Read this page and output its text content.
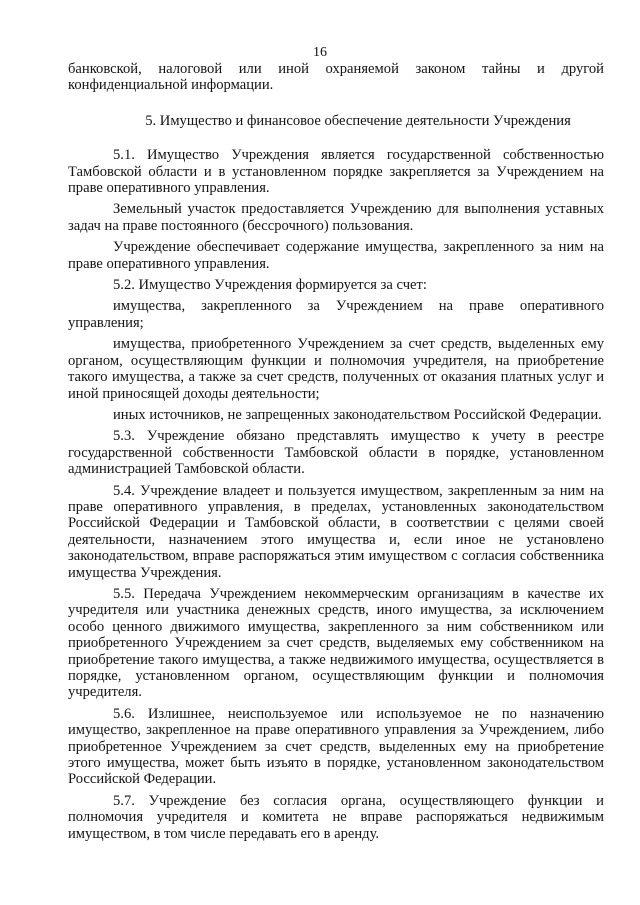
16

банковской, налоговой или иной охраняемой законом тайны и другой конфиденциальной информации.

5. Имущество и финансовое обеспечение деятельности Учреждения

5.1. Имущество Учреждения является государственной собственностью Тамбовской области и в установленном порядке закрепляется за Учреждением на праве оперативного управления.

Земельный участок предоставляется Учреждению для выполнения уставных задач на праве постоянного (бессрочного) пользования.

Учреждение обеспечивает содержание имущества, закрепленного за ним на праве оперативного управления.

5.2. Имущество Учреждения формируется за счет:

имущества, закрепленного за Учреждением на праве оперативного управления;

имущества, приобретенного Учреждением за счет средств, выделенных ему органом, осуществляющим функции и полномочия учредителя, на приобретение такого имущества, а также за счет средств, полученных от оказания платных услуг и иной приносящей доходы деятельности;

иных источников, не запрещенных законодательством Российской Федерации.

5.3. Учреждение обязано представлять имущество к учету в реестре государственной собственности Тамбовской области в порядке, установленном администрацией Тамбовской области.

5.4. Учреждение владеет и пользуется имуществом, закрепленным за ним на праве оперативного управления, в пределах, установленных законодательством Российской Федерации и Тамбовской области, в соответствии с целями своей деятельности, назначением этого имущества и, если иное не установлено законодательством, вправе распоряжаться этим имуществом с согласия собственника имущества Учреждения.

5.5. Передача Учреждением некоммерческим организациям в качестве их учредителя или участника денежных средств, иного имущества, за исключением особо ценного движимого имущества, закрепленного за ним собственником или приобретенного Учреждением за счет средств, выделяемых ему собственником на приобретение такого имущества, а также недвижимого имущества, осуществляется в порядке, установленном органом, осуществляющим функции и полномочия учредителя.

5.6. Излишнее, неиспользуемое или используемое не по назначению имущество, закрепленное на праве оперативного управления за Учреждением, либо приобретенное Учреждением за счет средств, выделенных ему на приобретение этого имущества, может быть изъято в порядке, установленном законодательством Российской Федерации.

5.7. Учреждение без согласия органа, осуществляющего функции и полномочия учредителя и комитета не вправе распоряжаться недвижимым имуществом, в том числе передавать его в аренду.
